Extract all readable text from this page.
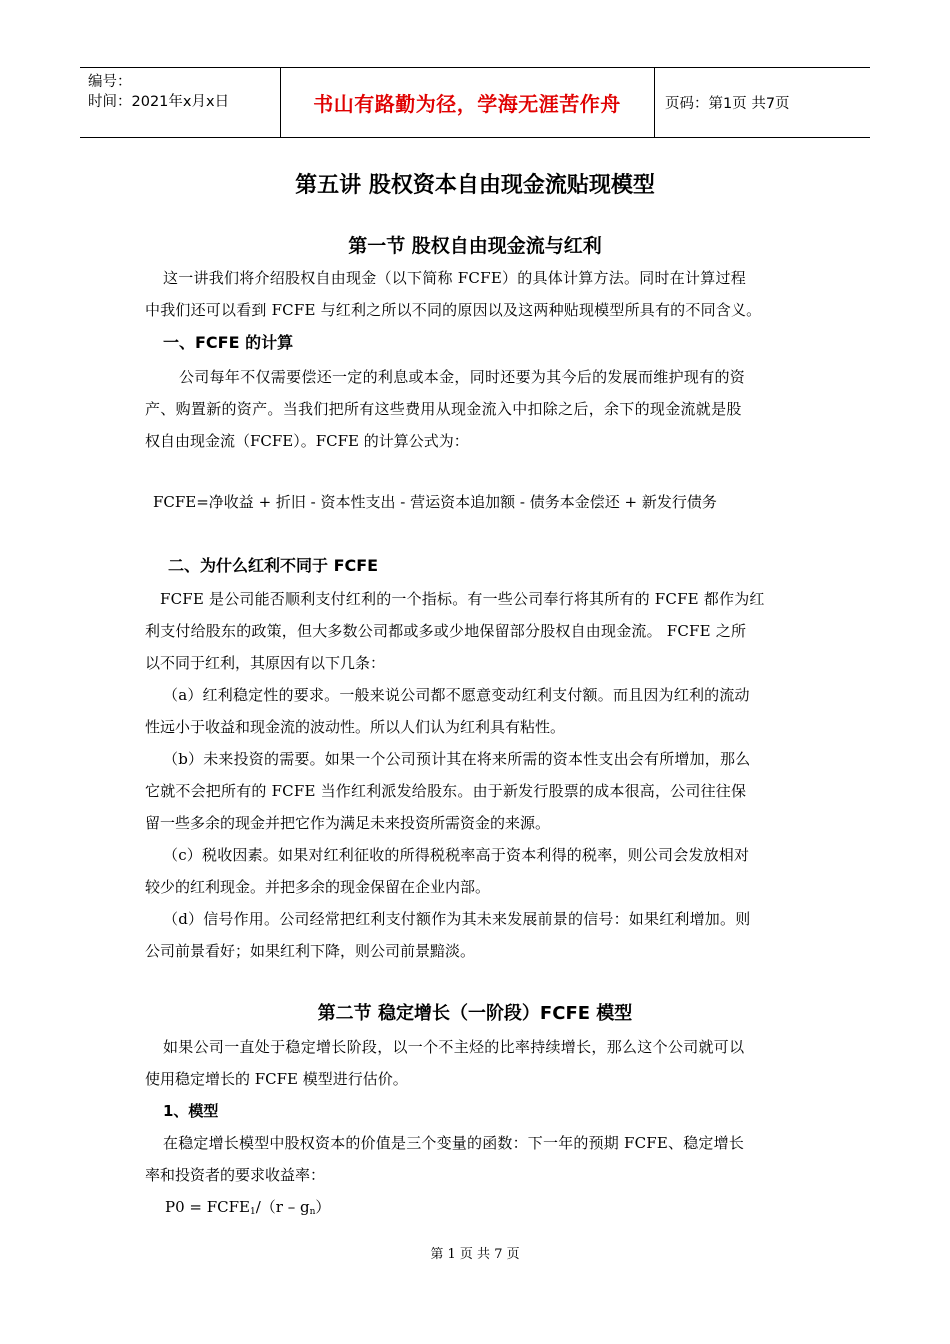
编号：
时间：2021年x月x日	书山有路勤为径，学海无涯苦作舟	页码：第1页 共7页
第五讲 股权资本自由现金流贴现模型
第一节 股权自由现金流与红利
这一讲我们将介绍股权自由现金（以下简称 FCFE）的具体计算方法。同时在计算过程
中我们还可以看到 FCFE 与红利之所以不同的原因以及这两种贴现模型所具有的不同含义。
一、FCFE 的计算
公司每年不仅需要偿还一定的利息或本金，同时还要为其今后的发展而维护现有的资
产、购置新的资产。当我们把所有这些费用从现金流入中扣除之后，余下的现金流就是股
权自由现金流（FCFE）。FCFE 的计算公式为：
FCFE=净收益 + 折旧 - 资本性支出 - 营运资本追加额 - 债务本金偿还 + 新发行债务
二、为什么红利不同于 FCFE
FCFE 是公司能否顺利支付红利的一个指标。有一些公司奉行将其所有的 FCFE 都作为红
利支付给股东的政策，但大多数公司都或多或少地保留部分股权自由现金流。 FCFE 之所
以不同于红利，其原因有以下几条：
（a）红利稳定性的要求。一般来说公司都不愿意变动红利支付额。而且因为红利的流动
性远小于收益和现金流的波动性。所以人们认为红利具有粘性。
（b）未来投资的需要。如果一个公司预计其在将来所需的资本性支出会有所增加，那么
它就不会把所有的 FCFE 当作红利派发给股东。由于新发行股票的成本很高，公司往往保
留一些多余的现金并把它作为满足未来投资所需资金的来源。
（c）税收因素。如果对红利征收的所得税税率高于资本利得的税率，则公司会发放相对
较少的红利现金。并把多余的现金保留在企业内部。
（d）信号作用。公司经常把红利支付额作为其未来发展前景的信号：如果红利增加。则
公司前景看好；如果红利下降，则公司前景黯淡。
第二节 稳定增长（一阶段）FCFE 模型
如果公司一直处于稳定增长阶段，以一个不主烃的比率持续增长，那么这个公司就可以
使用稳定增长的 FCFE 模型进行估价。
1、模型
在稳定增长模型中股权资本的价值是三个变量的函数：下一年的预期 FCFE、稳定增长
率和投资者的要求收益率：
$P0 = FCFE_1/(r - g_n)$
第 1 页 共 7 页
